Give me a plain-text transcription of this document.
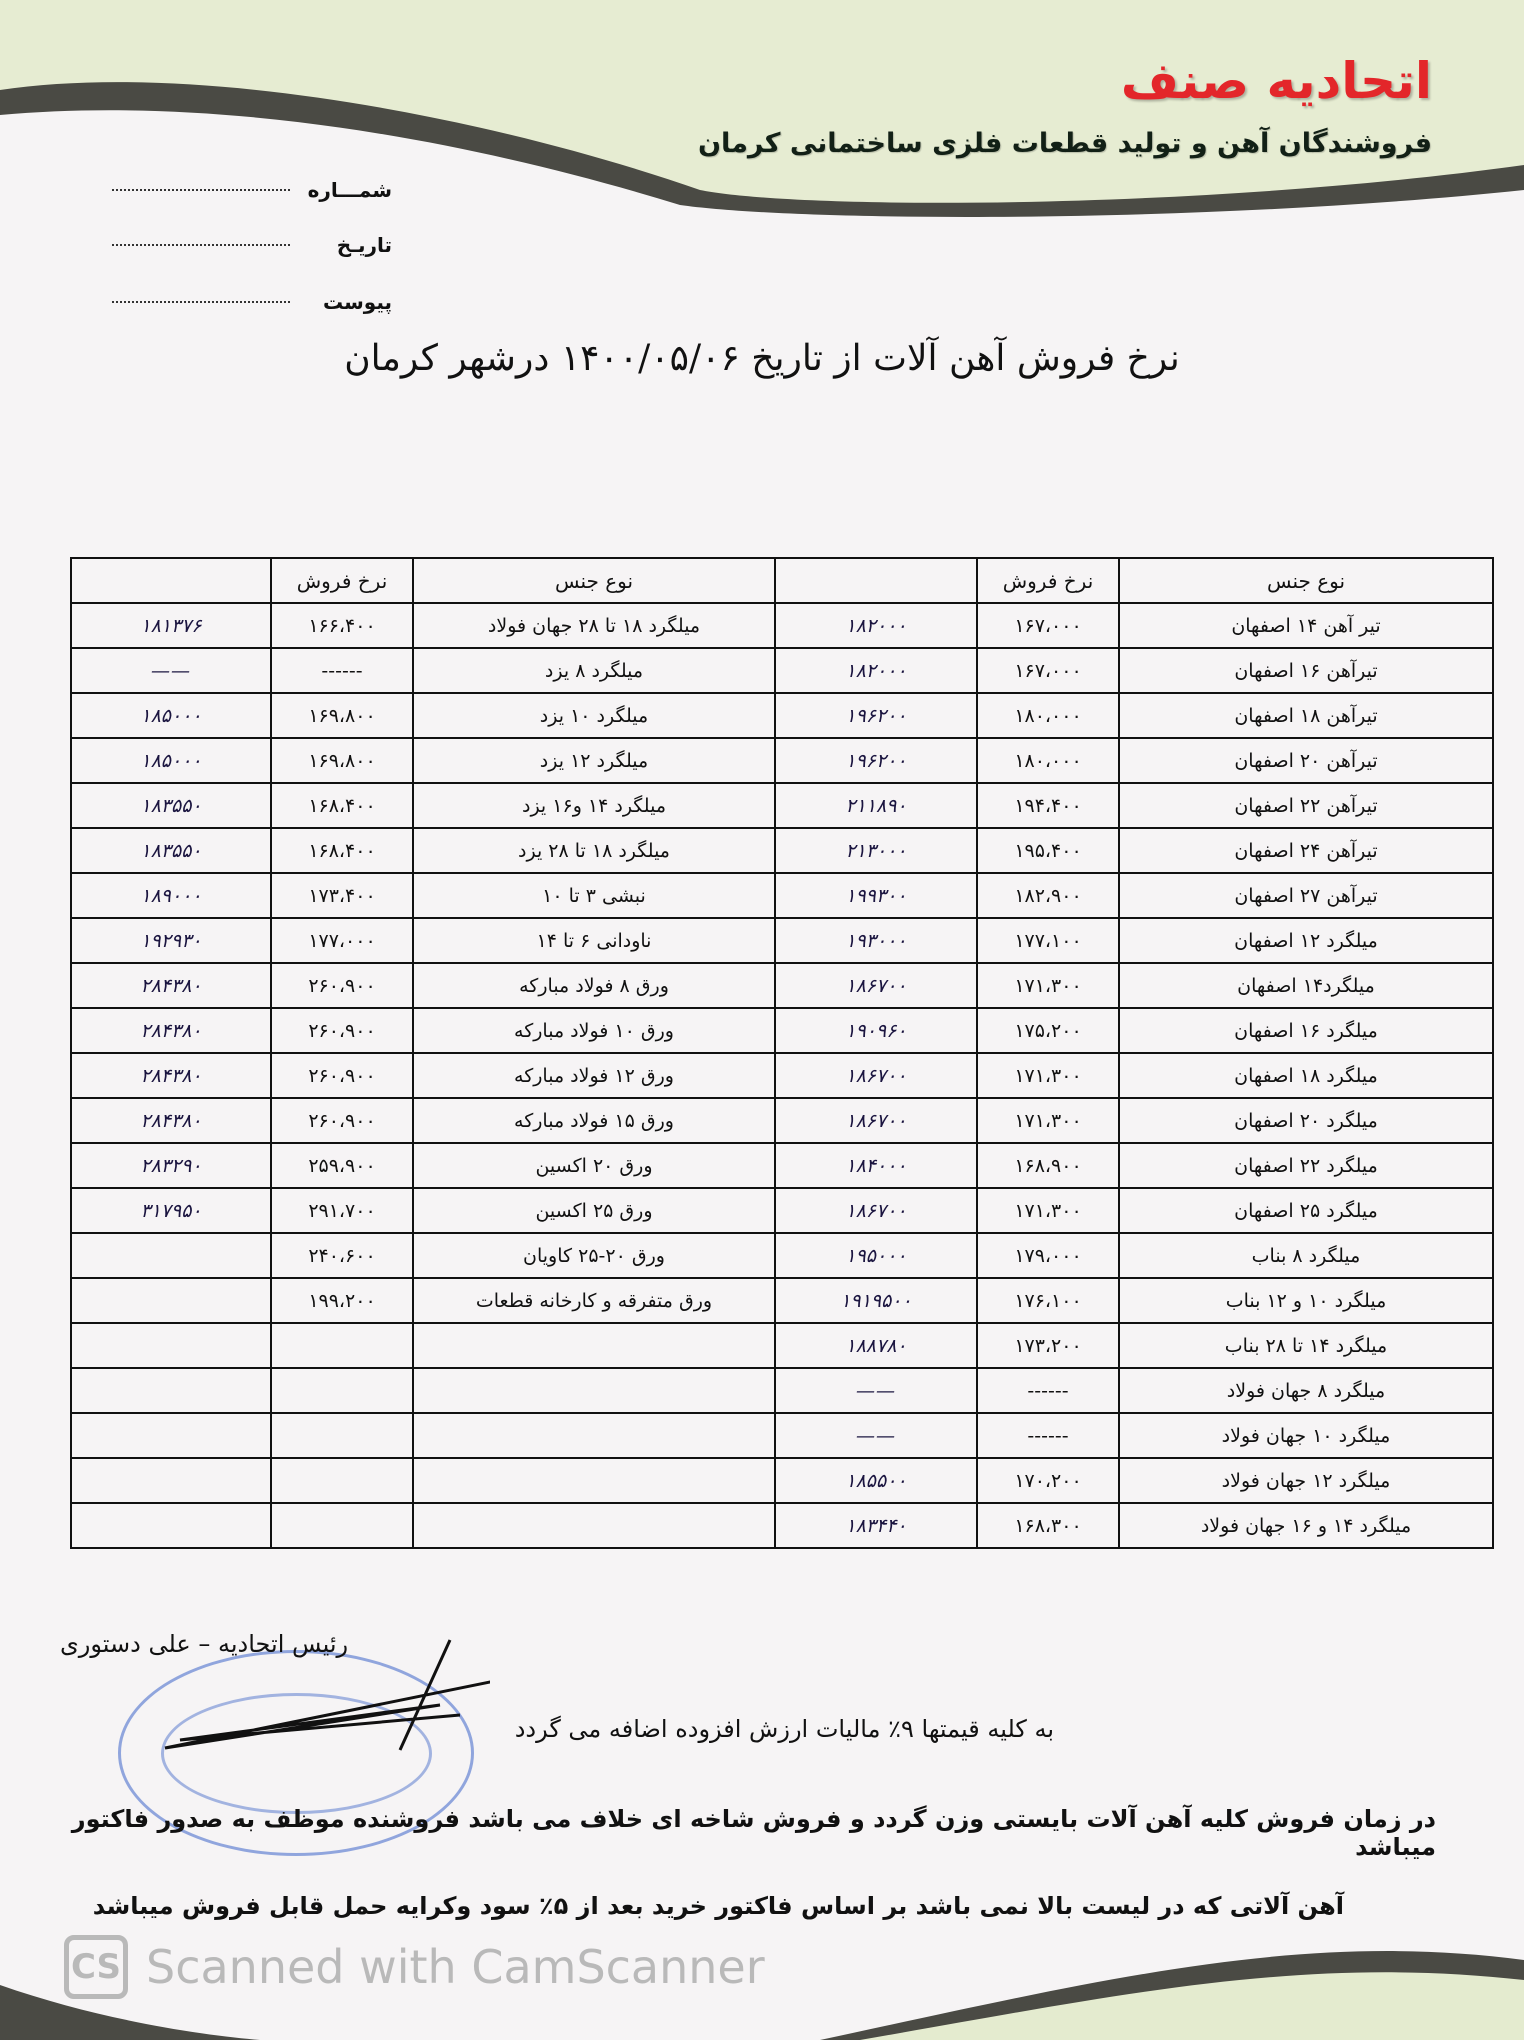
اتحادیه صنف
فروشندگان آهن و تولید قطعات فلزی ساختمانی کرمان
شمـــاره
تاریـخ
پیوست
نرخ فروش آهن آلات از تاریخ ۱۴۰۰/۰۵/۰۶ درشهر کرمان
نوع جنس	نرخ فروش		نوع جنس	نرخ فروش	
تیر آهن ۱۴ اصفهان	۱۶۷،۰۰۰	۱۸۲۰۰۰	میلگرد ۱۸ تا ۲۸ جهان فولاد	۱۶۶،۴۰۰	۱۸۱۳۷۶
تیرآهن ۱۶ اصفهان	۱۶۷،۰۰۰	۱۸۲۰۰۰	میلگرد ۸ یزد	------	——
تیرآهن ۱۸ اصفهان	۱۸۰،۰۰۰	۱۹۶۲۰۰	میلگرد ۱۰ یزد	۱۶۹،۸۰۰	۱۸۵۰۰۰
تیرآهن ۲۰ اصفهان	۱۸۰،۰۰۰	۱۹۶۲۰۰	میلگرد ۱۲ یزد	۱۶۹،۸۰۰	۱۸۵۰۰۰
تیرآهن ۲۲ اصفهان	۱۹۴،۴۰۰	۲۱۱۸۹۰	میلگرد ۱۴ و۱۶ یزد	۱۶۸،۴۰۰	۱۸۳۵۵۰
تیرآهن ۲۴ اصفهان	۱۹۵،۴۰۰	۲۱۳۰۰۰	میلگرد ۱۸ تا ۲۸ یزد	۱۶۸،۴۰۰	۱۸۳۵۵۰
تیرآهن ۲۷ اصفهان	۱۸۲،۹۰۰	۱۹۹۳۰۰	نبشی ۳ تا ۱۰	۱۷۳،۴۰۰	۱۸۹۰۰۰
میلگرد ۱۲ اصفهان	۱۷۷،۱۰۰	۱۹۳۰۰۰	ناودانی ۶ تا ۱۴	۱۷۷،۰۰۰	۱۹۲۹۳۰
میلگرد۱۴ اصفهان	۱۷۱،۳۰۰	۱۸۶۷۰۰	ورق ۸ فولاد مبارکه	۲۶۰،۹۰۰	۲۸۴۳۸۰
میلگرد ۱۶ اصفهان	۱۷۵،۲۰۰	۱۹۰۹۶۰	ورق ۱۰ فولاد مبارکه	۲۶۰،۹۰۰	۲۸۴۳۸۰
میلگرد ۱۸ اصفهان	۱۷۱،۳۰۰	۱۸۶۷۰۰	ورق ۱۲ فولاد مبارکه	۲۶۰،۹۰۰	۲۸۴۳۸۰
میلگرد ۲۰ اصفهان	۱۷۱،۳۰۰	۱۸۶۷۰۰	ورق ۱۵ فولاد مبارکه	۲۶۰،۹۰۰	۲۸۴۳۸۰
میلگرد ۲۲ اصفهان	۱۶۸،۹۰۰	۱۸۴۰۰۰	ورق ۲۰ اکسین	۲۵۹،۹۰۰	۲۸۳۲۹۰
میلگرد ۲۵ اصفهان	۱۷۱،۳۰۰	۱۸۶۷۰۰	ورق ۲۵ اکسین	۲۹۱،۷۰۰	۳۱۷۹۵۰
میلگرد ۸ بناب	۱۷۹،۰۰۰	۱۹۵۰۰۰	ورق ۲۰-۲۵ کاویان	۲۴۰،۶۰۰	
میلگرد ۱۰ و ۱۲ بناب	۱۷۶،۱۰۰	۱۹۱۹۵۰۰	ورق متفرقه و کارخانه قطعات	۱۹۹،۲۰۰	
میلگرد ۱۴ تا ۲۸ بناب	۱۷۳،۲۰۰	۱۸۸۷۸۰			
میلگرد ۸ جهان فولاد	------	——			
میلگرد ۱۰ جهان فولاد	------	——			
میلگرد ۱۲ جهان فولاد	۱۷۰،۲۰۰	۱۸۵۵۰۰			
میلگرد ۱۴ و ۱۶ جهان فولاد	۱۶۸،۳۰۰	۱۸۳۴۴۰			
رئیس اتحادیه – علی دستوری
به کلیه قیمتها ۹٪ مالیات ارزش افزوده اضافه می گردد
در زمان فروش کلیه آهن آلات بایستی وزن گردد و فروش شاخه ای خلاف می باشد فروشنده موظف به صدور فاکتور میباشد
آهن آلاتی که در لیست بالا نمی باشد بر اساس فاکتور خرید بعد از ۵٪ سود وکرایه حمل قابل فروش میباشد
CS Scanned with CamScanner
